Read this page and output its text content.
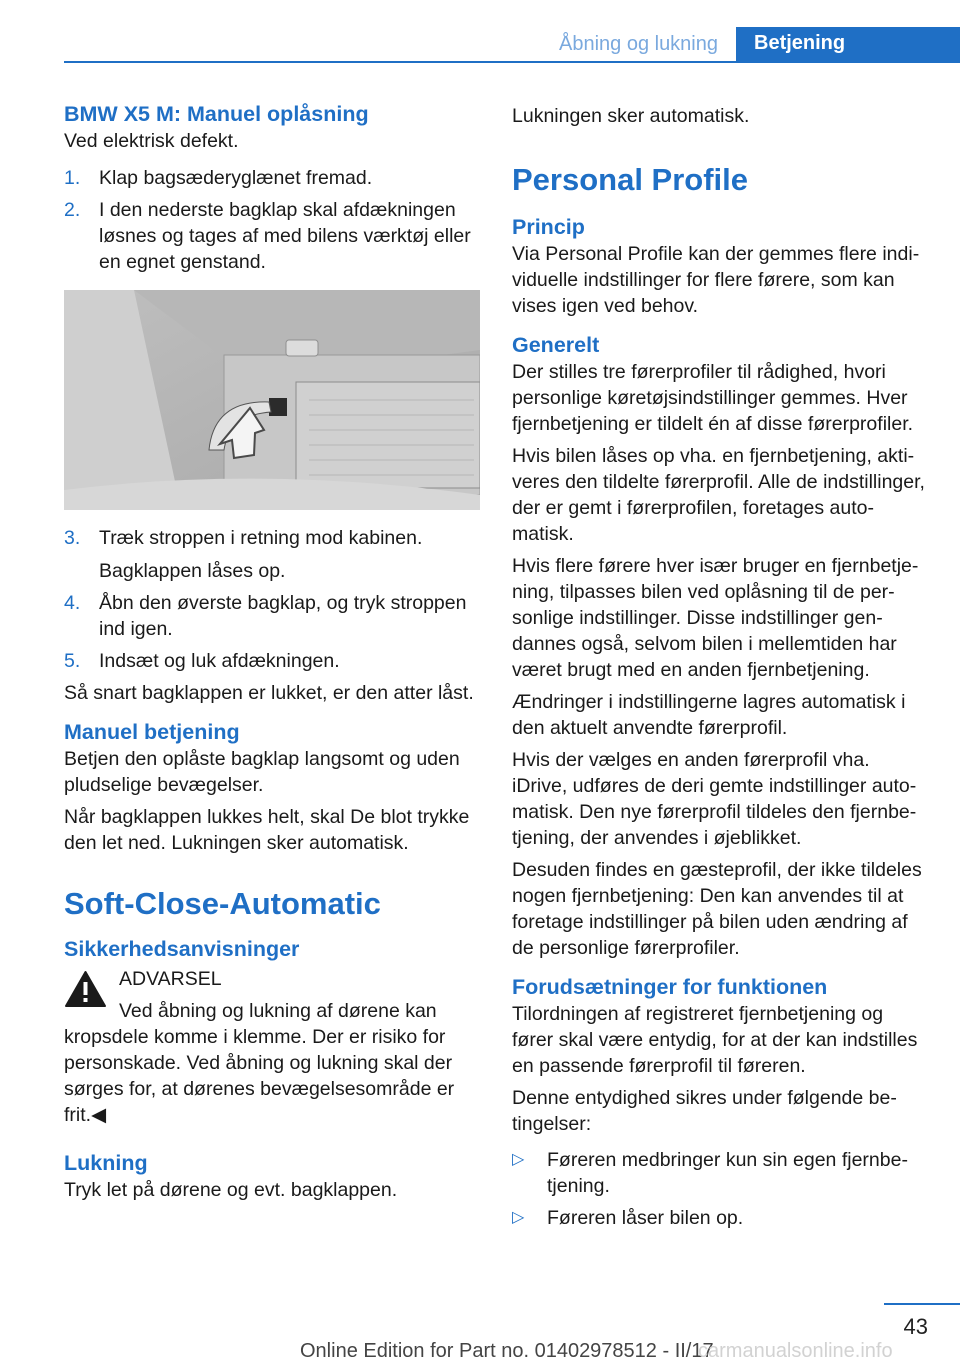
Åbning og lukning	Betjening

BMW X5 M: Manuel oplåsning

Ved elektrisk defekt.

1. Klap bagsæderyglænet fremad.
2. I den nederste bagklap skal afdækningen løsnes og tages af med bilens værktøj eller en egnet genstand.
3. Træk stroppen i retning mod kabinen.
Bagklappen låses op.
4. Åbn den øverste bagklap, og tryk stroppen ind igen.
5. Indsæt og luk afdækningen.

Så snart bagklappen er lukket, er den atter låst.

Manuel betjening

Betjen den oplåste bagklap langsomt og uden pludselige bevægelser.

Når bagklappen lukkes helt, skal De blot trykke den let ned. Lukningen sker automatisk.

Soft-Close-Automatic

Sikkerhedsanvisninger

ADVARSEL

Ved åbning og lukning af dørene kan kropsdele komme i klemme. Der er risiko for personskade. Ved åbning og lukning skal der sørges for, at dørenes bevægelsesområde er frit.◀

Lukning

Tryk let på dørene og evt. bagklappen.

Lukningen sker automatisk.

Personal Profile

Princip

Via Personal Profile kan der gemmes flere individuelle indstillinger for flere førere, som kan vises igen ved behov.

Generelt

Der stilles tre førerprofiler til rådighed, hvori personlige køretøjsindstillinger gemmes. Hver fjernbetjening er tildelt én af disse førerprofiler.

Hvis bilen låses op vha. en fjernbetjening, aktiveres den tildelte førerprofil. Alle de indstillinger, der er gemt i førerprofilen, foretages automatisk.

Hvis flere førere hver især bruger en fjernbetjening, tilpasses bilen ved oplåsning til de personlige indstillinger. Disse indstillinger gendannes også, selvom bilen i mellemtiden har været brugt med en anden fjernbetjening.

Ændringer i indstillingerne lagres automatisk i den aktuelt anvendte førerprofil.

Hvis der vælges en anden førerprofil vha. iDrive, udføres de deri gemte indstillinger automatisk. Den nye førerprofil tildeles den fjernbetjening, der anvendes i øjeblikket.

Desuden findes en gæsteprofil, der ikke tildeles nogen fjernbetjening: Den kan anvendes til at foretage indstillinger på bilen uden ændring af de personlige førerprofiler.

Forudsætninger for funktionen

Tilordningen af registreret fjernbetjening og fører skal være entydig, for at der kan indstilles en passende førerprofil til føreren.

Denne entydighed sikres under følgende betingelser:

▷ Føreren medbringer kun sin egen fjernbetjening.
▷ Føreren låser bilen op.
43
Online Edition for Part no. 01402978512 - II/17
carmanualsonline.info
